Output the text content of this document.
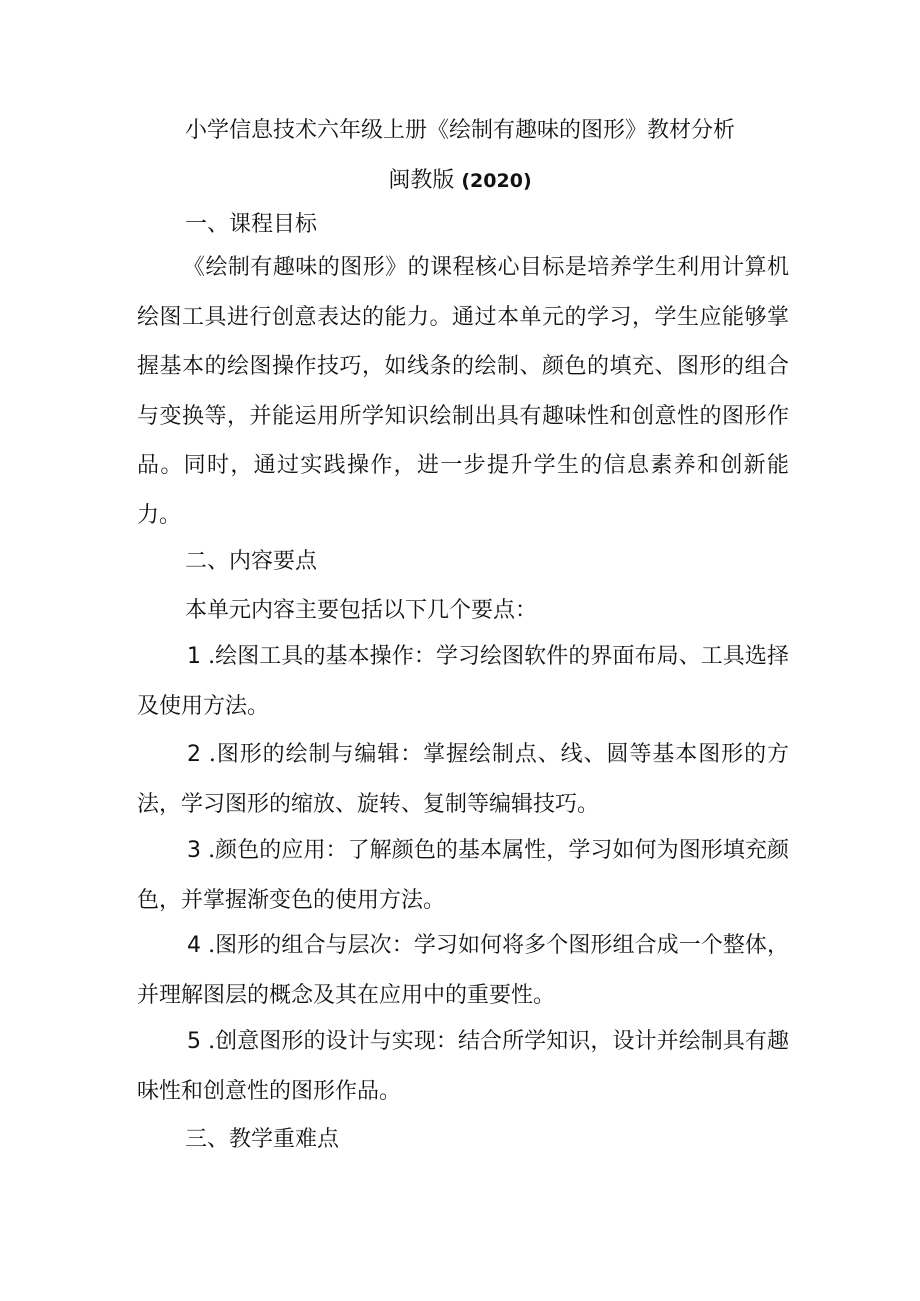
小学信息技术六年级上册《绘制有趣味的图形》教材分析
闽教版 (2020)
一、课程目标
《绘制有趣味的图形》的课程核心目标是培养学生利用计算机绘图工具进行创意表达的能力。通过本单元的学习，学生应能够掌握基本的绘图操作技巧，如线条的绘制、颜色的填充、图形的组合与变换等，并能运用所学知识绘制出具有趣味性和创意性的图形作品。同时，通过实践操作，进一步提升学生的信息素养和创新能力。
二、内容要点
本单元内容主要包括以下几个要点：
1 .绘图工具的基本操作：学习绘图软件的界面布局、工具选择及使用方法。
2 .图形的绘制与编辑：掌握绘制点、线、圆等基本图形的方法，学习图形的缩放、旋转、复制等编辑技巧。
3 .颜色的应用：了解颜色的基本属性，学习如何为图形填充颜色，并掌握渐变色的使用方法。
4 .图形的组合与层次：学习如何将多个图形组合成一个整体，并理解图层的概念及其在应用中的重要性。
5 .创意图形的设计与实现：结合所学知识，设计并绘制具有趣味性和创意性的图形作品。
三、教学重难点
